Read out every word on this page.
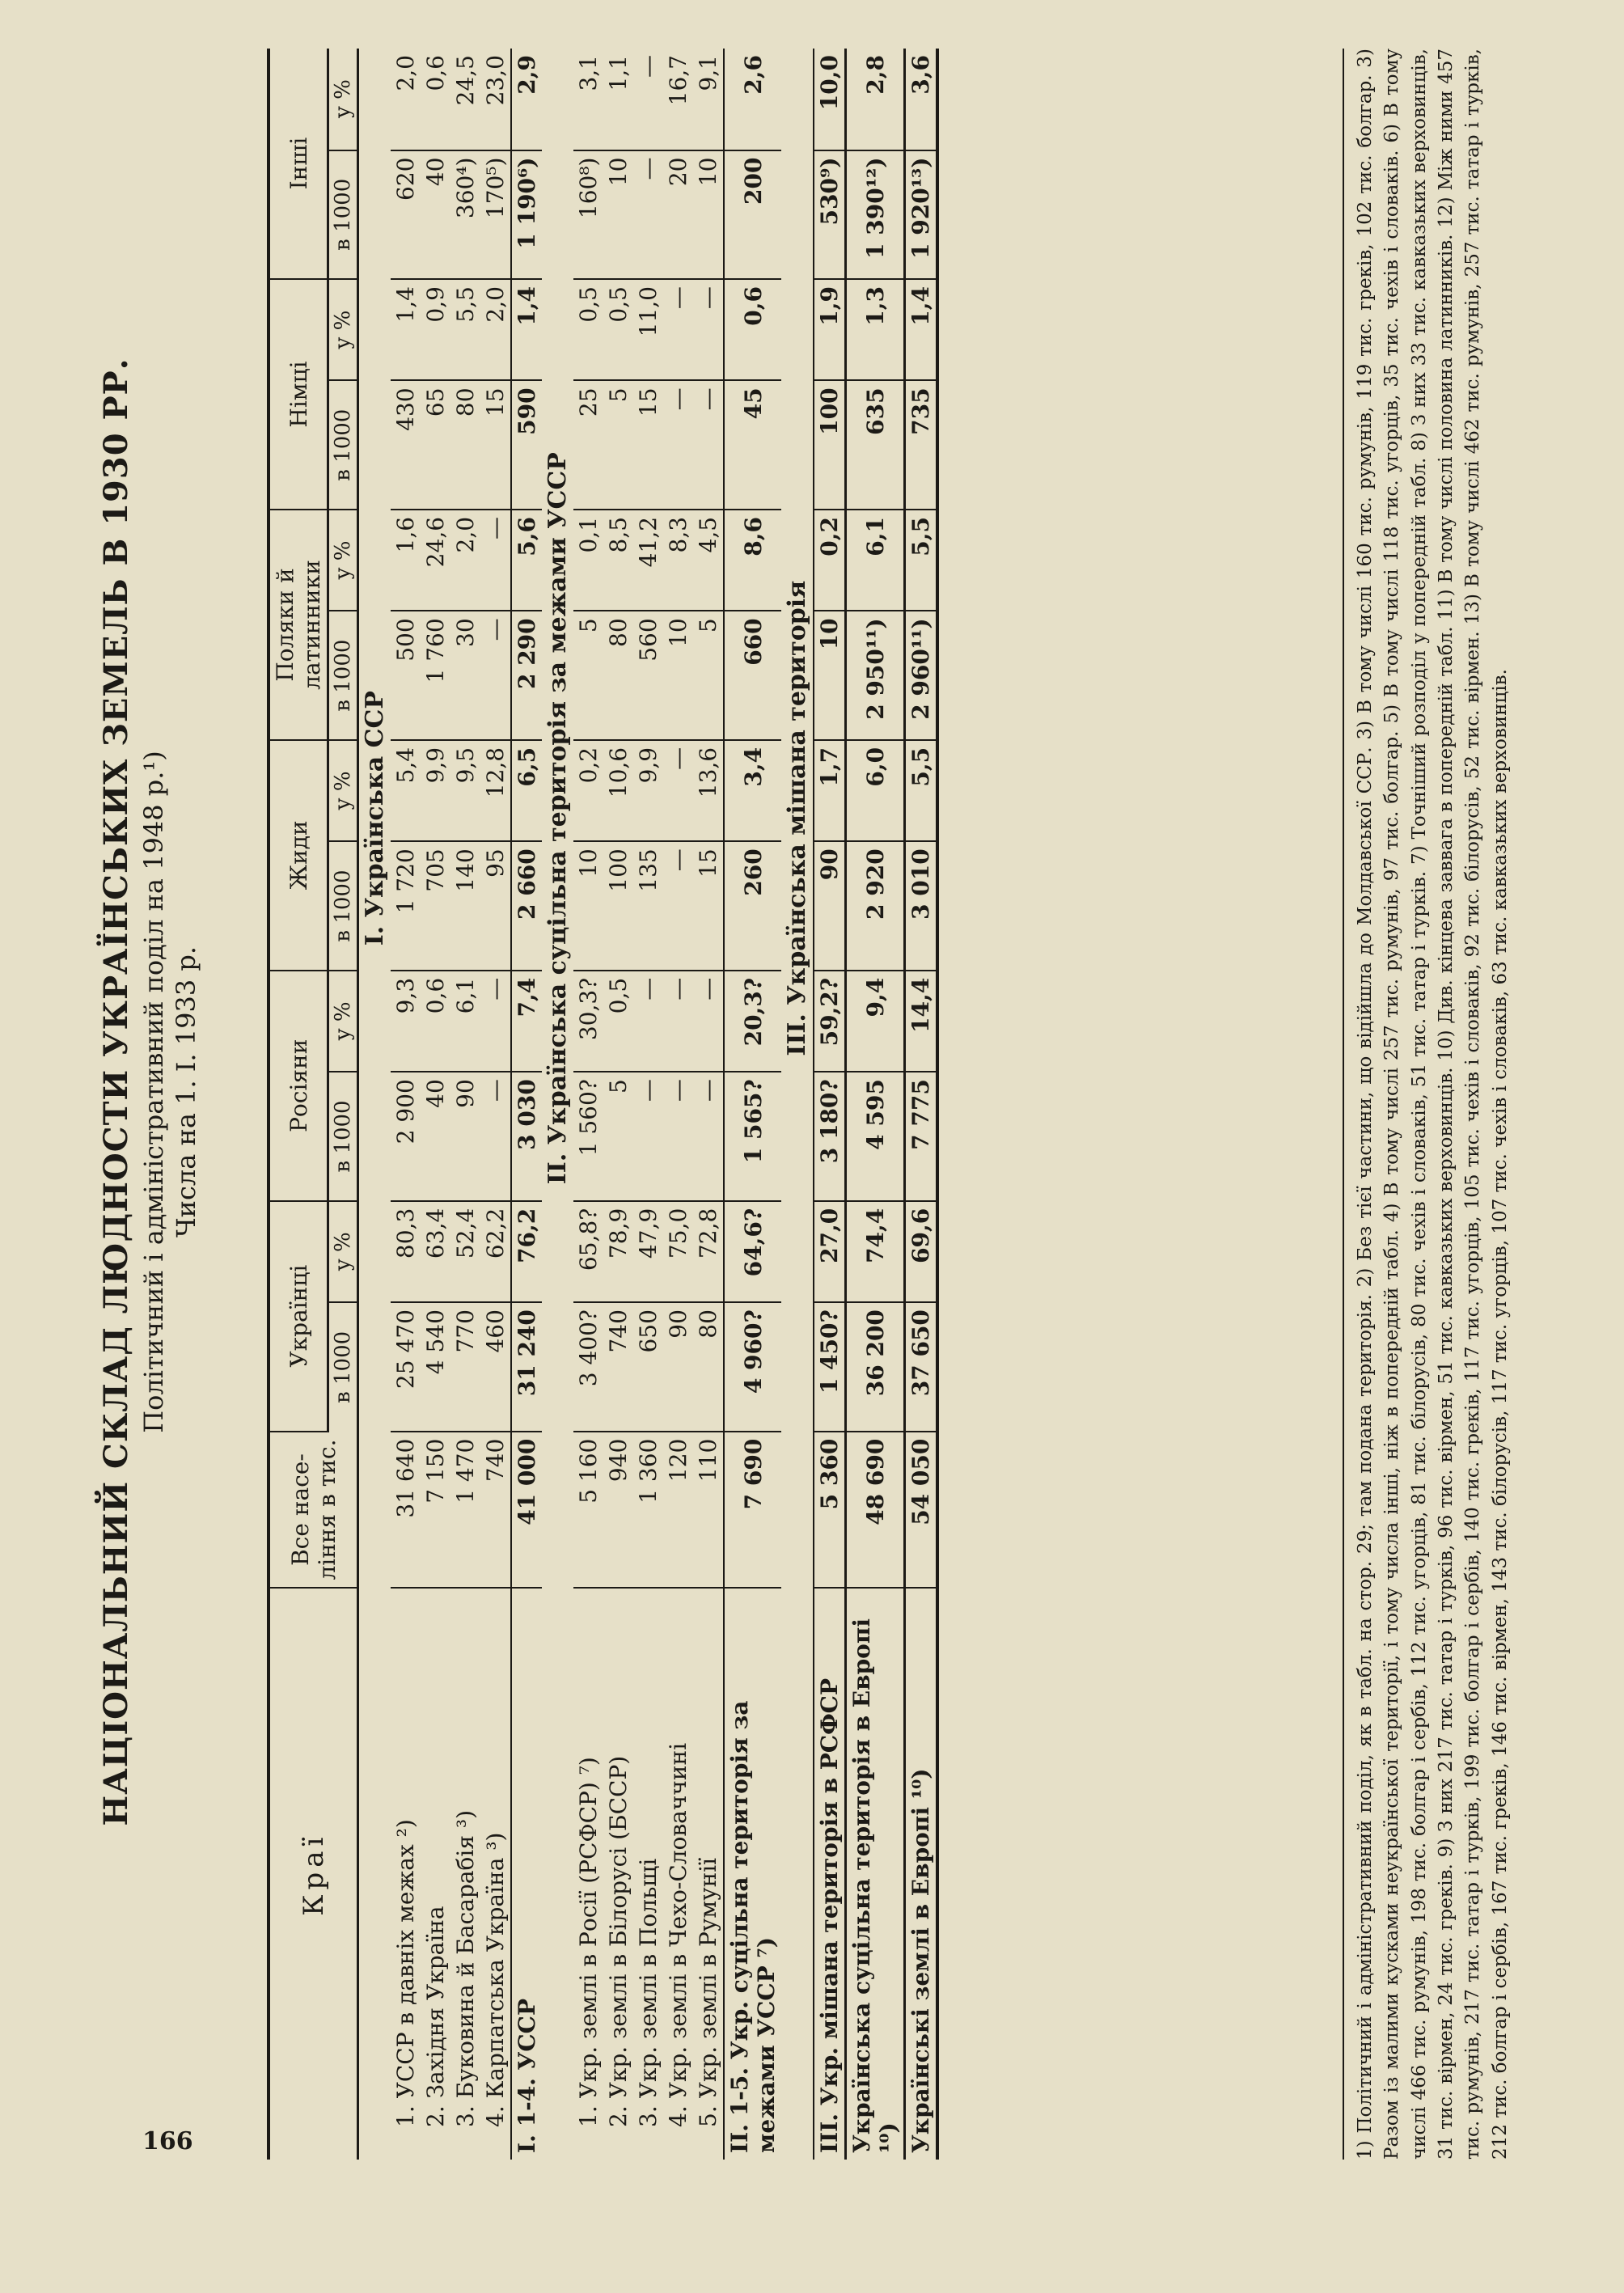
166
НАЦІОНАЛЬНИЙ СКЛАД ЛЮДНОСТИ УКРАЇНСЬКИХ ЗЕМЕЛЬ В 1930 РР. Політичний і адміністративний поділ на 1948 р.¹) Числа на 1. І. 1933 р.
Краї	Все насе-ління в тис.	Українці		Росіяни		Жиди		Поляки й латинники		Німці		Інші	
		в 1000	у %	в 1000	у %	в 1000	у %	в 1000	у %	в 1000	у %	в 1000	у %
	І. Українська ССР												
1. УССР в давніх межах ²)	31 640	25 470	80,3	2 900	9,3	1 720	5,4	500	1,6	430	1,4	620	2,0
2. Західня Україна	7 150	4 540	63,4	40	0,6	705	9,9	1 760	24,6	65	0,9	40	0,6
3. Буковина й Басарабія ³)	1 470	770	52,4	90	6,1	140	9,5	30	2,0	80	5,5	360⁴)	24,5
4. Карпатська Україна ³)	740	460	62,2	—	—	95	12,8	—	—	15	2,0	170⁵)	23,0
І. 1-4. УССР	41 000	31 240	76,2	3 030	7,4	2 660	6,5	2 290	5,6	590	1,4	1 190⁶)	2,9
	ІІ. Українська суцільна територія за межами УССР												
1. Укр. землі в Росії (РСФСР) ⁷)	5 160	3 400?	65,8?	1 560?	30,3?	10	0,2	5	0,1	25	0,5	160⁸)	3,1
2. Укр. землі в Білорусі (БССР)	940	740	78,9	5	0,5	100	10,6	80	8,5	5	0,5	10	1,1
3. Укр. землі в Польщі	1 360	650	47,9	—	—	135	9,9	560	41,2	15	11,0	—	—
4. Укр. землі в Чехо-Словаччині	120	90	75,0	—	—	—	—	10	8,3	—	—	20	16,7
5. Укр. землі в Румунії	110	80	72,8	—	—	15	13,6	5	4,5	—	—	10	9,1
ІІ. 1-5. Укр. суцільна територія за межами УССР ⁷)	7 690	4 960?	64,6?	1 565?	20,3?	260	3,4	660	8,6	45	0,6	200	2,6
	ІІІ. Українська мішана територія												
ІІІ. Укр. мішана територія в РСФСР	5 360	1 450?	27,0	3 180?	59,2?	90	1,7	10	0,2	100	1,9	530⁹)	10,0
Українська суцільна територія в Европі ¹⁰)	48 690	36 200	74,4	4 595	9,4	2 920	6,0	2 950¹¹)	6,1	635	1,3	1 390¹²)	2,8
Українські землі в Европі ¹⁰)	54 050	37 650	69,6	7 775	14,4	3 010	5,5	2 960¹¹)	5,5	735	1,4	1 920¹³)	3,6	1) Політичний і адміністративний поділ, як в табл. на стор. 29; там подана територія. 2) Без тієї частини, що відійшла до Молдавської ССР. 3) В тому числі 160 тис. румунів, 119 тис. греків, 102 тис. болгар. 3) Разом із малими кусками неукраїнської території, і тому числа інші, ніж в попередній табл. 4) В тому числі 257 тис. румунів, 97 тис. болгар. 5) В тому числі 118 тис. угорців, 35 тис. чехів і словаків. 6) В тому числі 466 тис. румунів, 198 тис. болгар і сербів, 112 тис. угорців, 81 тис. білорусів, 80 тис. чехів і словаків, 51 тис. татар і турків. 7) Точніший розподіл у попередній табл. 8) З них 33 тис. кавказьких верховинців, 31 тис. вірмен, 24 тис. грекiв. 9) З них 217 тис. татар і турків, 96 тис. вірмен, 51 тис. кавказьких верховинців. 10) Див. кінцева заввага в попередній табл. 11) В тому числі половина латинників. 12) Між ними 457 тис. румунів, 217 тис. татар і турків, 199 тис. болгар і сербів, 140 тис. греків, 117 тис. угорців, 105 тис. чехів і словаків, 92 тис. білорусів, 52 тис. вірмен. 13) В тому числі 462 тис. румунів, 257 тис. татар і турків, 212 тис. болгар і сербів, 167 тис. греків, 146 тис. вірмен, 143 тис. білорусів, 117 тис. угорців, 107 тис. чехів і словаків, 63 тис. кавказьких верховинців.
